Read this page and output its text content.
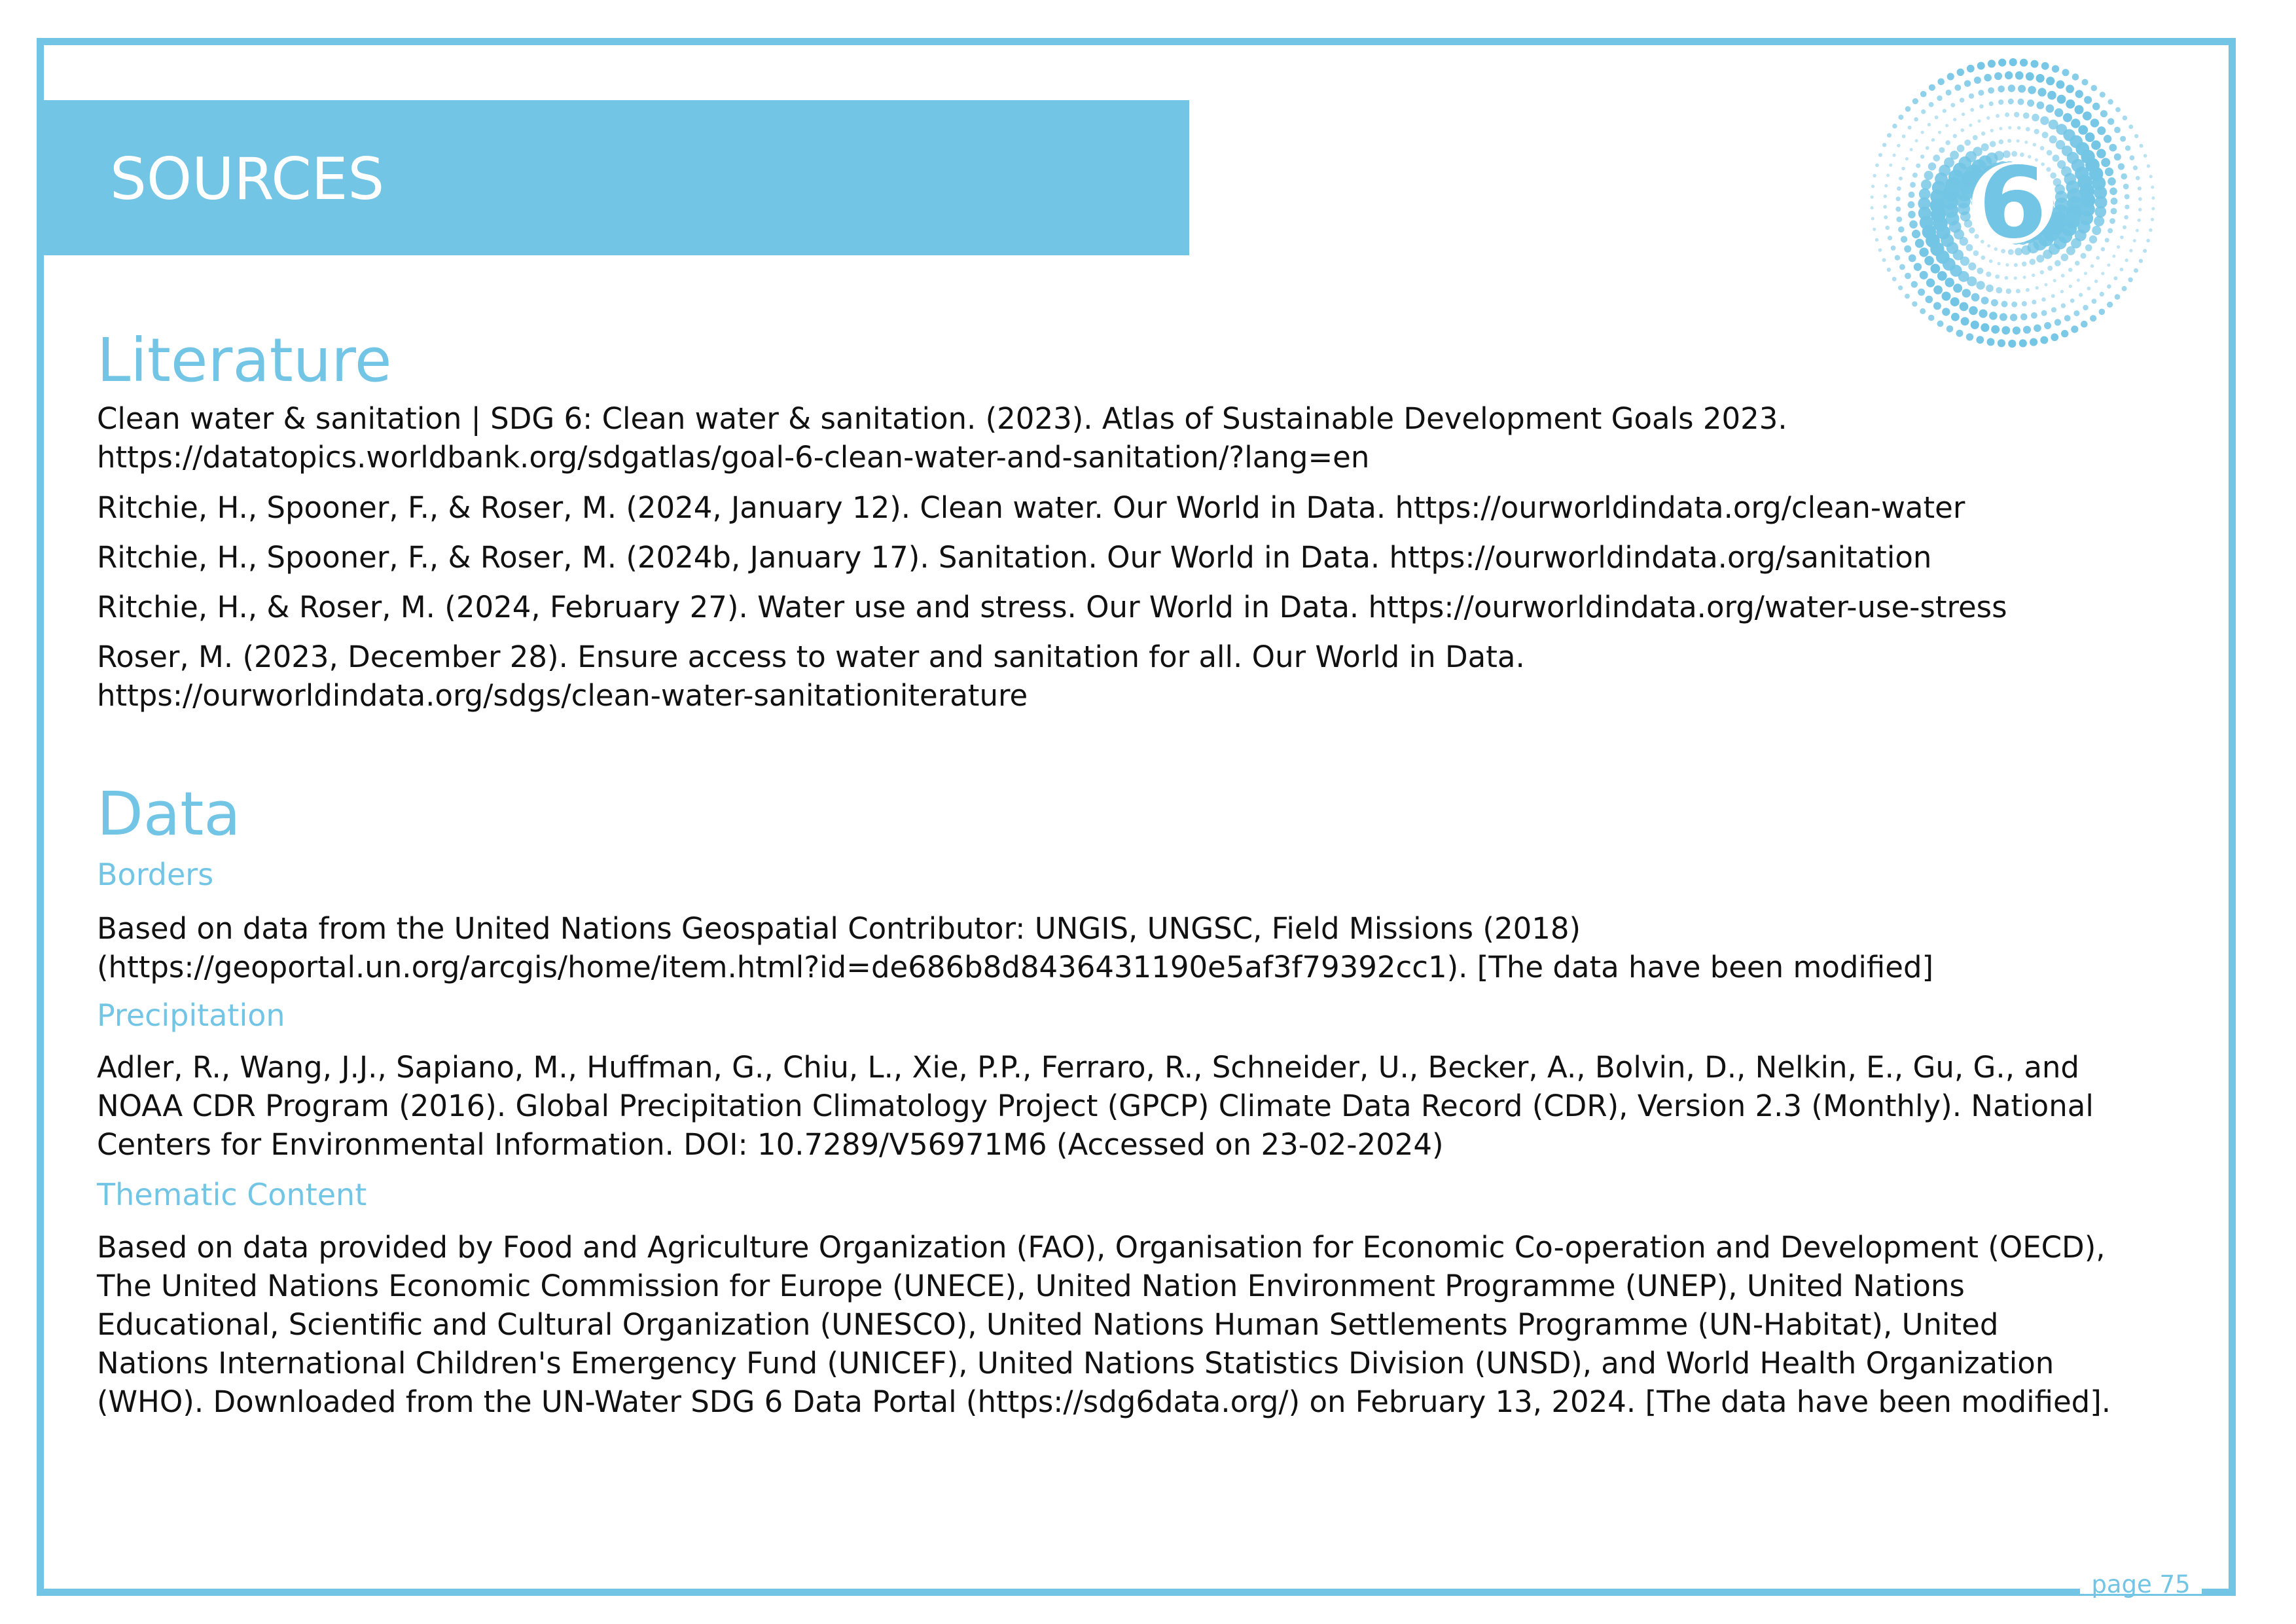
page 75
SOURCES	6
Literature
Clean water & sanitation | SDG 6: Clean water & sanitation. (2023). Atlas of Sustainable Development Goals 2023.
https://datatopics.worldbank.org/sdgatlas/goal-6-clean-water-and-sanitation/?lang=en
Ritchie, H., Spooner, F., & Roser, M. (2024, January 12). Clean water. Our World in Data. https://ourworldindata.org/clean-water
Ritchie, H., Spooner, F., & Roser, M. (2024b, January 17). Sanitation. Our World in Data. https://ourworldindata.org/sanitation
Ritchie, H., & Roser, M. (2024, February 27). Water use and stress. Our World in Data. https://ourworldindata.org/water-use-stress
Roser, M. (2023, December 28). Ensure access to water and sanitation for all. Our World in Data.
https://ourworldindata.org/sdgs/clean-water-sanitationiterature
Data
Borders
Based on data from the United Nations Geospatial Contributor: UNGIS, UNGSC, Field Missions (2018)
(https://geoportal.un.org/arcgis/home/item.html?id=de686b8d8436431190e5af3f79392cc1). [The data have been modified]
Precipitation
Adler, R., Wang, J.J., Sapiano, M., Huffman, G., Chiu, L., Xie, P.P., Ferraro, R., Schneider, U., Becker, A., Bolvin, D., Nelkin, E., Gu, G., and
NOAA CDR Program (2016). Global Precipitation Climatology Project (GPCP) Climate Data Record (CDR), Version 2.3 (Monthly). National
Centers for Environmental Information. DOI: 10.7289/V56971M6 (Accessed on 23-02-2024)
Thematic Content
Based on data provided by Food and Agriculture Organization (FAO), Organisation for Economic Co-operation and Development (OECD),
The United Nations Economic Commission for Europe (UNECE), United Nation Environment Programme (UNEP), United Nations
Educational, Scientific and Cultural Organization (UNESCO), United Nations Human Settlements Programme (UN-Habitat), United
Nations International Children's Emergency Fund (UNICEF), United Nations Statistics Division (UNSD), and World Health Organization
(WHO). Downloaded from the UN-Water SDG 6 Data Portal (https://sdg6data.org/) on February 13, 2024. [The data have been modified].
